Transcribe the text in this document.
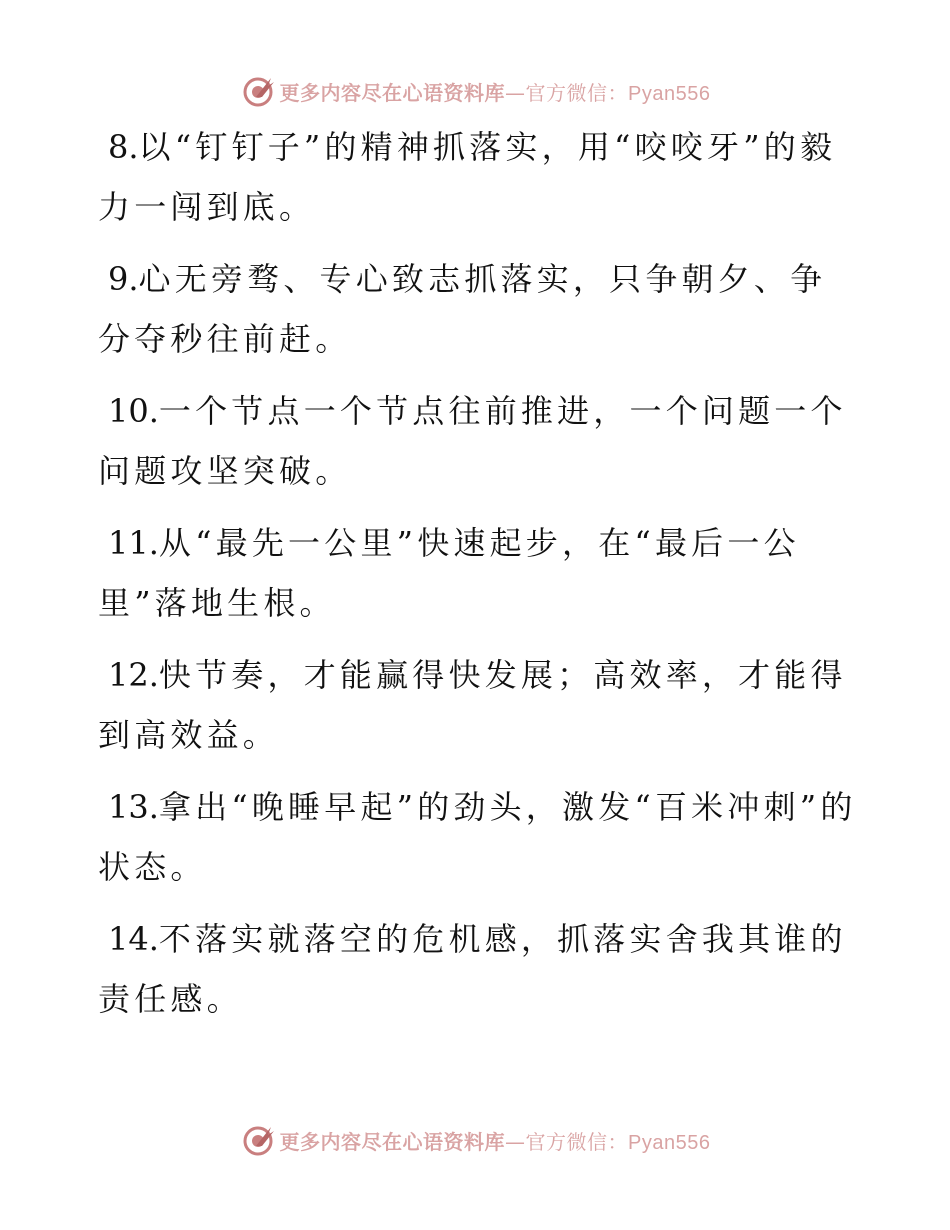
更多内容尽在心语资料库—官方微信：Pyan556

8.以“钉钉子”的精神抓落实，用“咬咬牙”的毅力一闯到底。

9.心无旁骛、专心致志抓落实，只争朝夕、争分夺秒往前赶。

10.一个节点一个节点往前推进，一个问题一个问题攻坚突破。

11.从“最先一公里”快速起步，在“最后一公里”落地生根。

12.快节奏，才能赢得快发展；高效率，才能得到高效益。

13.拿出“晚睡早起”的劲头，激发“百米冲刺”的状态。

14.不落实就落空的危机感，抓落实舍我其谁的责任感。

更多内容尽在心语资料库—官方微信：Pyan556
